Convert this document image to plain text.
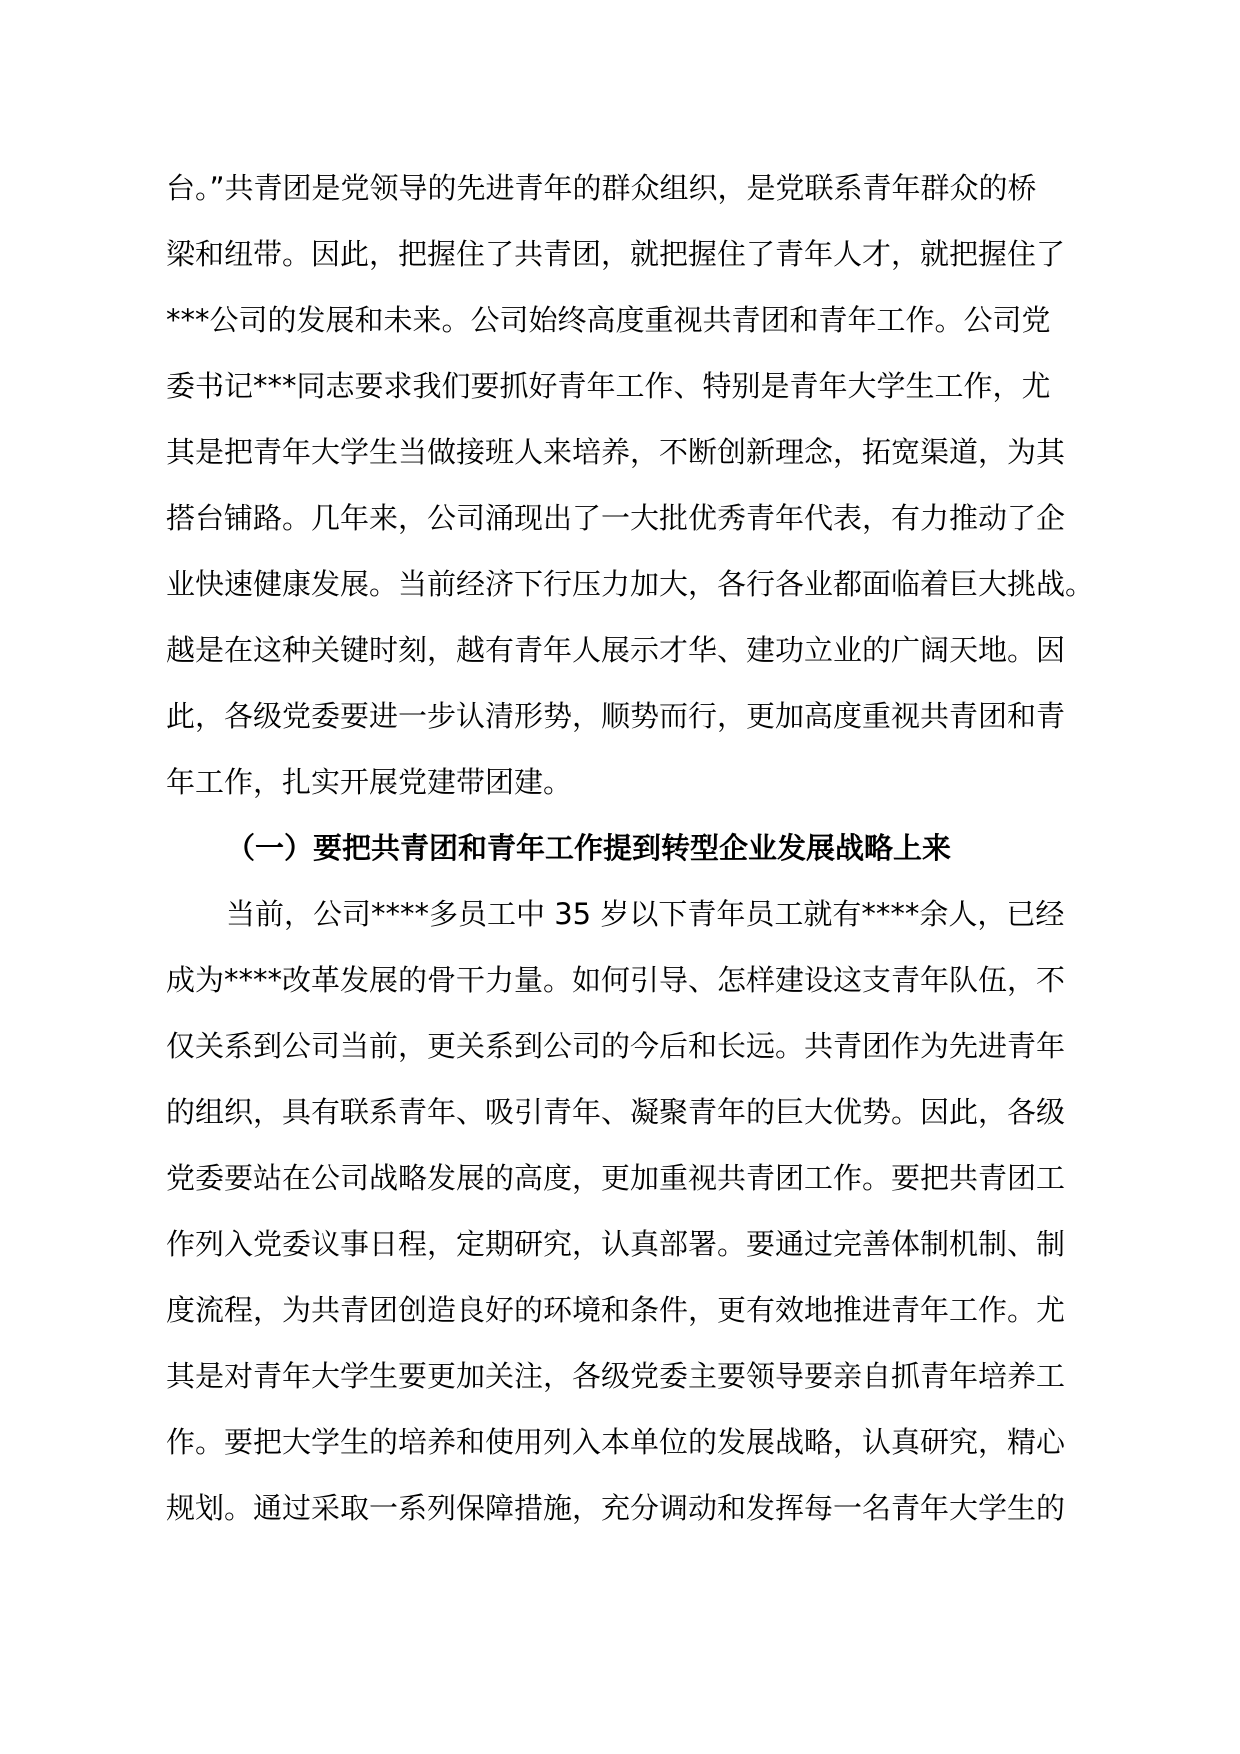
台。”共青团是党领导的先进青年的群众组织，是党联系青年群众的桥
梁和纽带。因此，把握住了共青团，就把握住了青年人才，就把握住了
***公司的发展和未来。公司始终高度重视共青团和青年工作。公司党
委书记***同志要求我们要抓好青年工作、特别是青年大学生工作，尤
其是把青年大学生当做接班人来培养，不断创新理念，拓宽渠道，为其
搭台铺路。几年来，公司涌现出了一大批优秀青年代表，有力推动了企
业快速健康发展。当前经济下行压力加大，各行各业都面临着巨大挑战。
越是在这种关键时刻，越有青年人展示才华、建功立业的广阔天地。因
此，各级党委要进一步认清形势，顺势而行，更加高度重视共青团和青
年工作，扎实开展党建带团建。
（一）要把共青团和青年工作提到转型企业发展战略上来
当前，公司****多员工中 35 岁以下青年员工就有****余人，已经
成为****改革发展的骨干力量。如何引导、怎样建设这支青年队伍，不
仅关系到公司当前，更关系到公司的今后和长远。共青团作为先进青年
的组织，具有联系青年、吸引青年、凝聚青年的巨大优势。因此，各级
党委要站在公司战略发展的高度，更加重视共青团工作。要把共青团工
作列入党委议事日程，定期研究，认真部署。要通过完善体制机制、制
度流程，为共青团创造良好的环境和条件，更有效地推进青年工作。尤
其是对青年大学生要更加关注，各级党委主要领导要亲自抓青年培养工
作。要把大学生的培养和使用列入本单位的发展战略，认真研究，精心
规划。通过采取一系列保障措施，充分调动和发挥每一名青年大学生的
